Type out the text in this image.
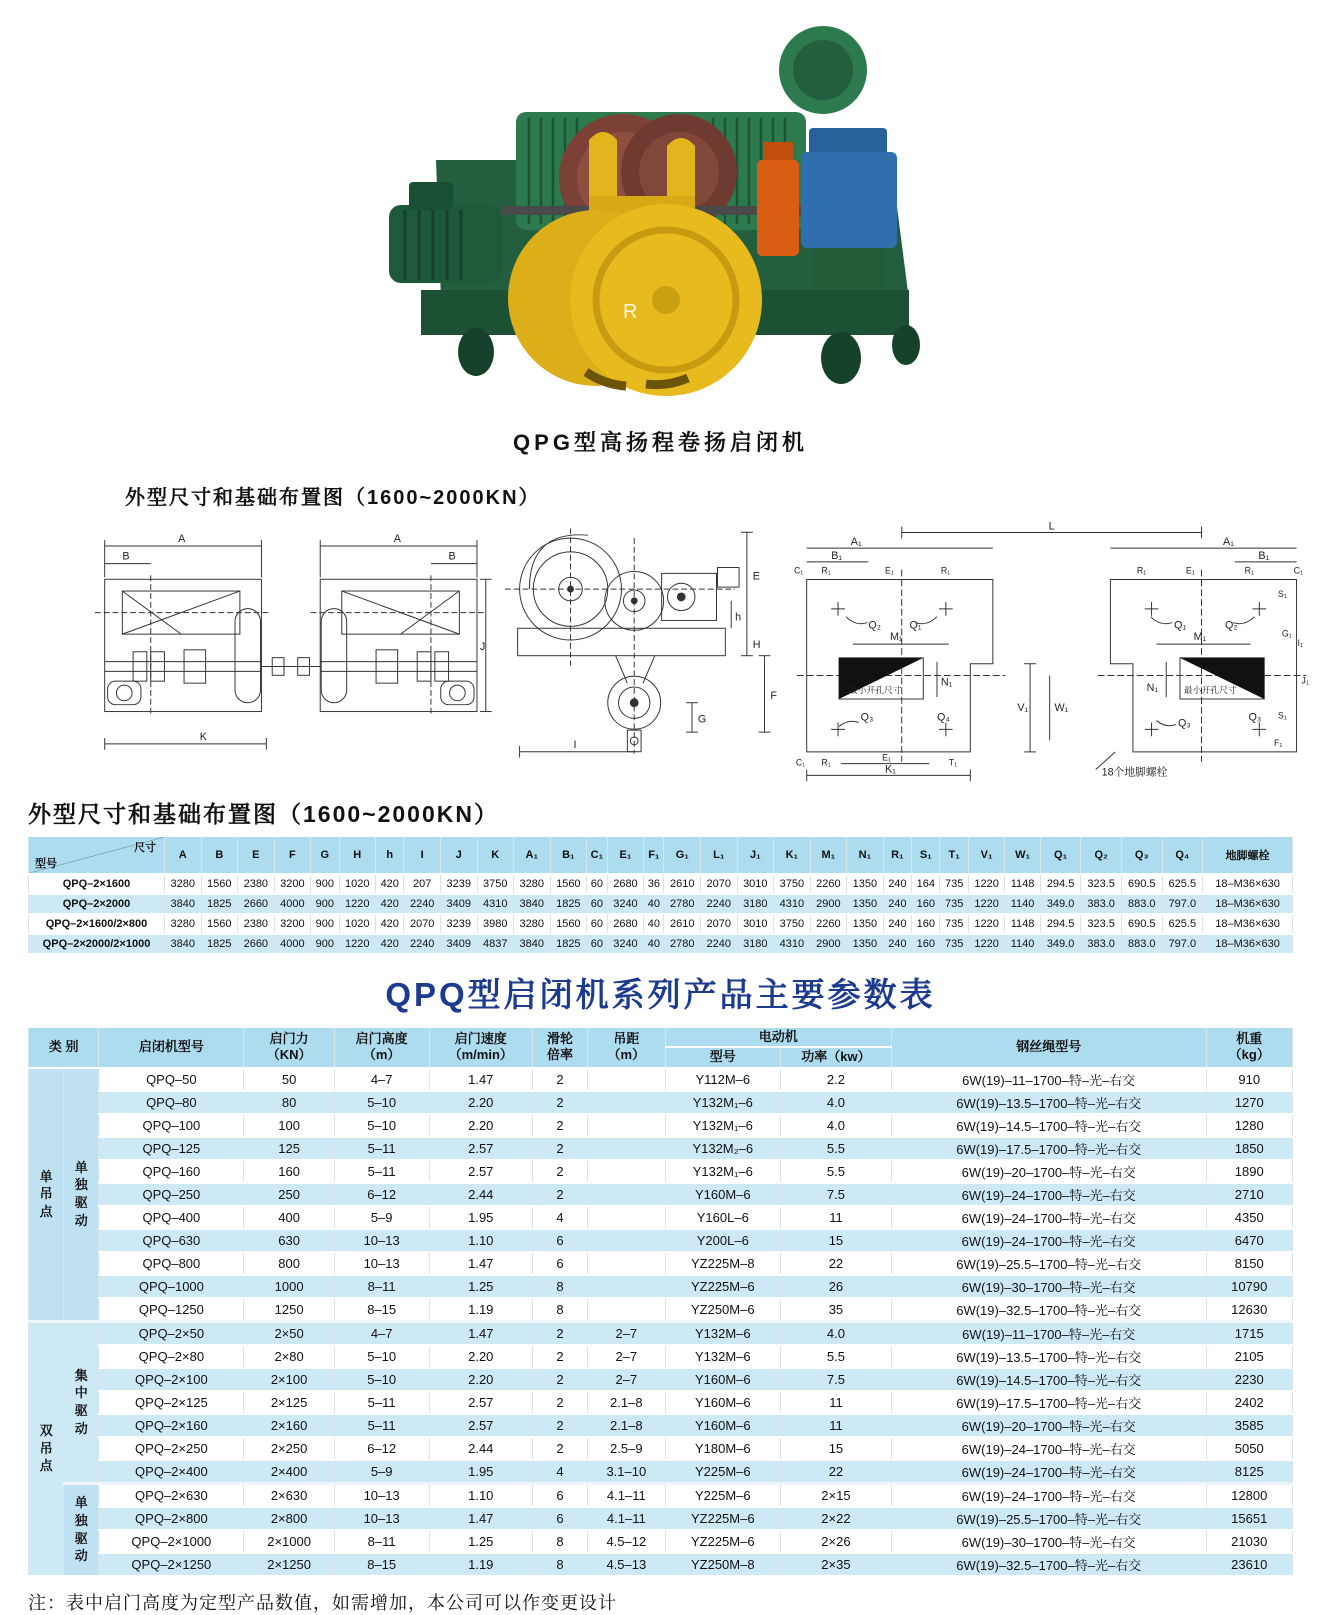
R
QPG型高扬程卷扬启闭机
外型尺寸和基础布置图（1600~2000KN）
A
B
A
B
J
K
E
h
H
F
G
I
最小开孔尺寸	最小开孔尺寸
L
A₁	A₁
B₁	B₁
C₁ R₁	E₁	R₁	R₁	E₁	R₁	C₁
Q₂	Q₁	Q₁	Q₂
M₁	M₁
N₁	N₁
Q₃	Q₄	Q₃	Q₃
V₁ W₁
C₁ R₁	E₁	T₁
K₁
S₁
G₁
I₁
J₁
S₁
F₁
18个地脚螺栓
外型尺寸和基础布置图（1600~2000KN）
尺寸
型号	A	B	E	F	G	H	h	I	J	K	A₁	B₁	C₁	E₁	F₁	G₁	L₁	J₁	K₁	M₁	N₁	R₁	S₁	T₁	V₁	W₁	Q₁	Q₂	Q₃	Q₄	地脚螺栓
QPQ–2×1600	3280	1560	2380	3200	900	1020	420	207	3239	3750	3280	1560	60	2680	36	2610	2070	3010	3750	2260	1350	240	164	735	1220	1148	294.5	323.5	690.5	625.5	18–M36×630
QPQ–2×2000	3840	1825	2660	4000	900	1220	420	2240	3409	4310	3840	1825	60	3240	40	2780	2240	3180	4310	2900	1350	240	160	735	1220	1140	349.0	383.0	883.0	797.0	18–M36×630
QPQ–2×1600/2×800	3280	1560	2380	3200	900	1020	420	2070	3239	3980	3280	1560	60	2680	40	2610	2070	3010	3750	2260	1350	240	160	735	1220	1148	294.5	323.5	690.5	625.5	18–M36×630
QPQ–2×2000/2×1000	3840	1825	2660	4000	900	1220	420	2240	3409	4837	3840	1825	60	3240	40	2780	2240	3180	4310	2900	1350	240	160	735	1220	1140	349.0	383.0	883.0	797.0	18–M36×630
QPQ型启闭机系列产品主要参数表
类 别		启闭机型号	启门力
（KN）	启门高度
（m）	启门速度
（m/min）	滑轮
倍率	吊距
（m）	电动机		钢丝绳型号	机重
（kg）

								型号	功率（kw）		
单吊点	单独驱动	QPQ–50	50	4–7	1.47	2		Y112M–6	2.2	6W(19)–11–1700–特–光–右交	910
		QPQ–80	80	5–10	2.20	2		Y132M₁–6	4.0	6W(19)–13.5–1700–特–光–右交	1270
		QPQ–100	100	5–10	2.20	2		Y132M₁–6	4.0	6W(19)–14.5–1700–特–光–右交	1280
		QPQ–125	125	5–11	2.57	2		Y132M₂–6	5.5	6W(19)–17.5–1700–特–光–右交	1850
		QPQ–160	160	5–11	2.57	2		Y132M₁–6	5.5	6W(19)–20–1700–特–光–右交	1890
		QPQ–250	250	6–12	2.44	2		Y160M–6	7.5	6W(19)–24–1700–特–光–右交	2710
		QPQ–400	400	5–9	1.95	4		Y160L–6	11	6W(19)–24–1700–特–光–右交	4350
		QPQ–630	630	10–13	1.10	6		Y200L–6	15	6W(19)–24–1700–特–光–右交	6470
		QPQ–800	800	10–13	1.47	6		YZ225M–8	22	6W(19)–25.5–1700–特–光–右交	8150
		QPQ–1000	1000	8–11	1.25	8		YZ225M–6	26	6W(19)–30–1700–特–光–右交	10790
		QPQ–1250	1250	8–15	1.19	8		YZ250M–6	35	6W(19)–32.5–1700–特–光–右交	12630
双吊点	集中驱动	QPQ–2×50	2×50	4–7	1.47	2	2–7	Y132M–6	4.0	6W(19)–11–1700–特–光–右交	1715
		QPQ–2×80	2×80	5–10	2.20	2	2–7	Y132M–6	5.5	6W(19)–13.5–1700–特–光–右交	2105
		QPQ–2×100	2×100	5–10	2.20	2	2–7	Y160M–6	7.5	6W(19)–14.5–1700–特–光–右交	2230
		QPQ–2×125	2×125	5–11	2.57	2	2.1–8	Y160M–6	11	6W(19)–17.5–1700–特–光–右交	2402
		QPQ–2×160	2×160	5–11	2.57	2	2.1–8	Y160M–6	11	6W(19)–20–1700–特–光–右交	3585
		QPQ–2×250	2×250	6–12	2.44	2	2.5–9	Y180M–6	15	6W(19)–24–1700–特–光–右交	5050
		QPQ–2×400	2×400	5–9	1.95	4	3.1–10	Y225M–6	22	6W(19)–24–1700–特–光–右交	8125
	单独驱动	QPQ–2×630	2×630	10–13	1.10	6	4.1–11	Y225M–6	2×15	6W(19)–24–1700–特–光–右交	12800
		QPQ–2×800	2×800	10–13	1.47	6	4.1–11	YZ225M–6	2×22	6W(19)–25.5–1700–特–光–右交	15651
		QPQ–2×1000	2×1000	8–11	1.25	8	4.5–12	YZ225M–6	2×26	6W(19)–30–1700–特–光–右交	21030
		QPQ–2×1250	2×1250	8–15	1.19	8	4.5–13	YZ250M–8	2×35	6W(19)–32.5–1700–特–光–右交	23610
注：表中启门高度为定型产品数值，如需增加，本公司可以作变更设计
